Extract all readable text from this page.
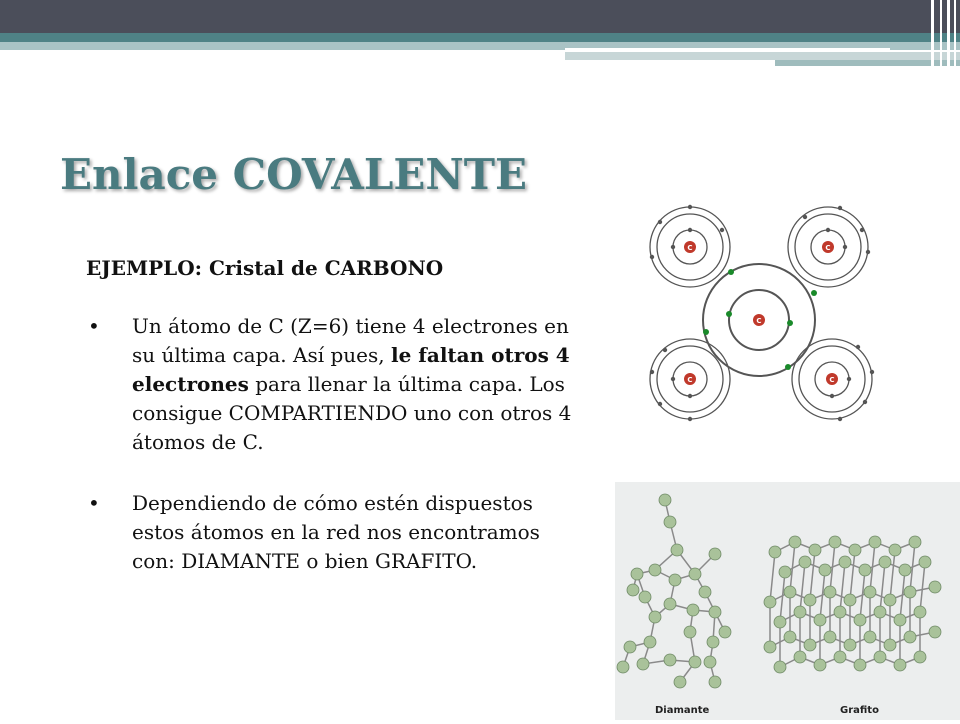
Enlace COVALENTE

EJEMPLO: Cristal de CARBONO

• Un átomo de C (Z=6) tiene 4 electrones en su última capa. Así pues, le faltan otros 4 electrones para llenar la última capa. Los consigue COMPARTIENDO uno con otros 4 átomos de C.
• Dependiendo de cómo estén dispuestos estos átomos en la red nos encontramos con: DIAMANTE o bien GRAFITO.
C	C
C	C
C
Diamante	Grafito
